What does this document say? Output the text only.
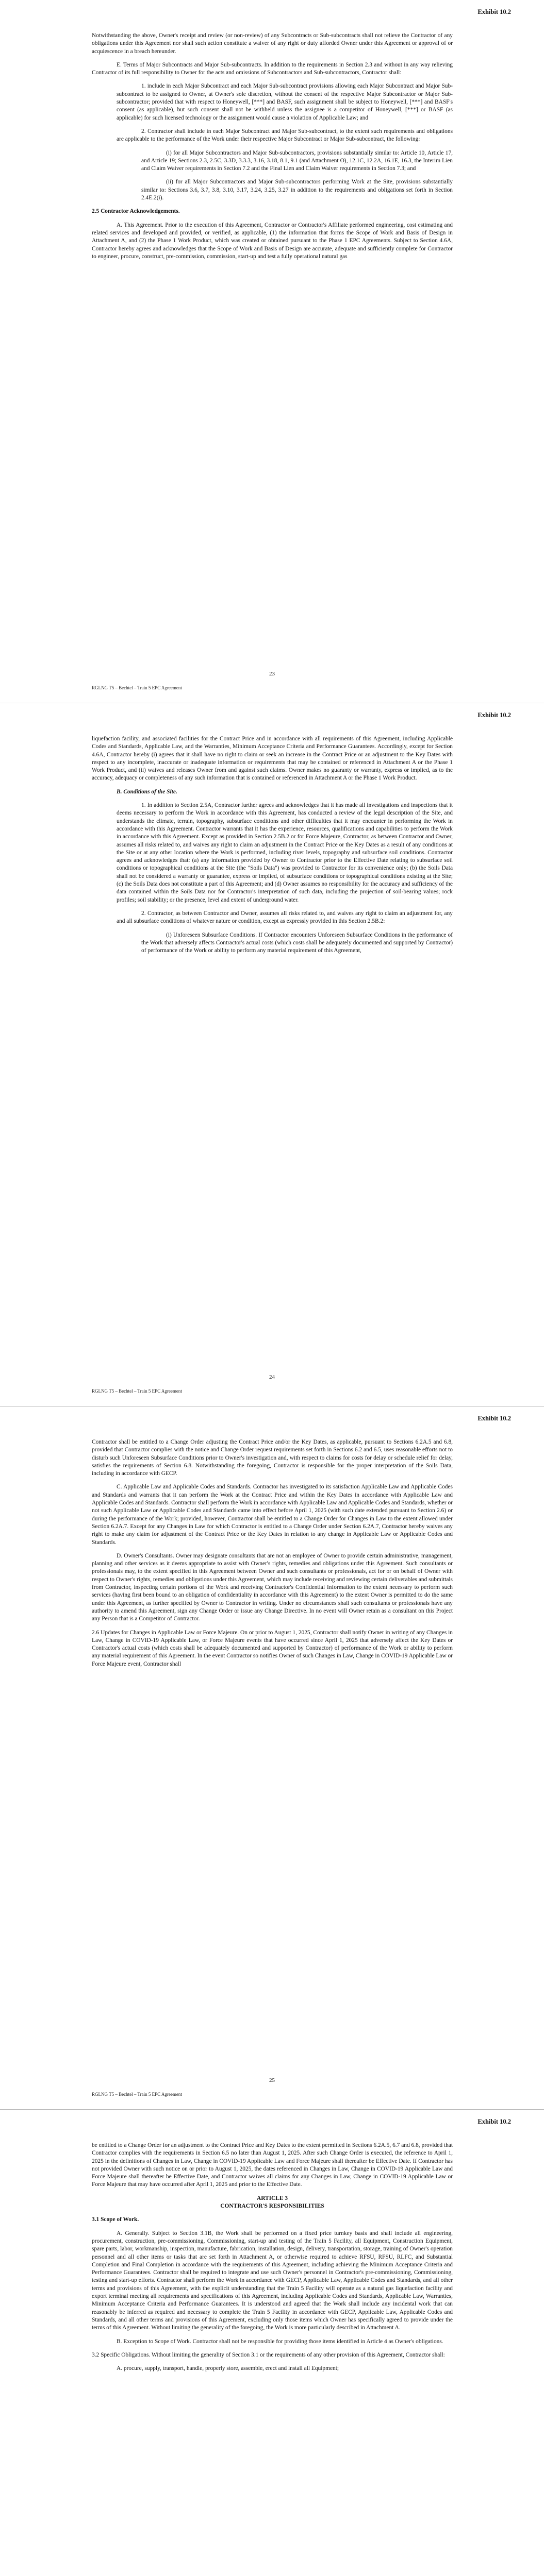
Exhibit 10.2

Notwithstanding the above, Owner's receipt and review (or non-review) of any Subcontracts or Sub-subcontracts shall not relieve the Contractor of any obligations under this Agreement nor shall such action constitute a waiver of any right or duty afforded Owner under this Agreement or approval of or acquiescence in a breach hereunder.

E. Terms of Major Subcontracts and Major Sub-subcontracts. In addition to the requirements in Section 2.3 and without in any way relieving Contractor of its full responsibility to Owner for the acts and omissions of Subcontractors and Sub-subcontractors, Contractor shall:

1. include in each Major Subcontract and each Major Sub-subcontract provisions allowing each Major Subcontract and Major Sub-subcontract to be assigned to Owner, at Owner's sole discretion, without the consent of the respective Major Subcontractor or Major Sub-subcontractor; provided that with respect to Honeywell, [***] and BASF, such assignment shall be subject to Honeywell, [***] and BASF's consent (as applicable), but such consent shall not be withheld unless the assignee is a competitor of Honeywell, [***] or BASF (as applicable) for such licensed technology or the assignment would cause a violation of Applicable Law; and

2. Contractor shall include in each Major Subcontract and Major Sub-subcontract, to the extent such requirements and obligations are applicable to the performance of the Work under their respective Major Subcontract or Major Sub-subcontract, the following:

(i) for all Major Subcontractors and Major Sub-subcontractors, provisions substantially similar to: Article 10, Article 17, and Article 19; Sections 2.3, 2.5C, 3.3D, 3.3.3, 3.16, 3.18, 8.1, 9.1 (and Attachment O), 12.1C, 12.2A, 16.1E, 16.3, the Interim Lien and Claim Waiver requirements in Section 7.2 and the Final Lien and Claim Waiver requirements in Section 7.3; and

(ii) for all Major Subcontractors and Major Sub-subcontractors performing Work at the Site, provisions substantially similar to: Sections 3.6, 3.7, 3.8, 3.10, 3.17, 3.24, 3.25, 3.27 in addition to the requirements and obligations set forth in Section 2.4E.2(i).

2.5 Contractor Acknowledgements.

A. This Agreement. Prior to the execution of this Agreement, Contractor or Contractor's Affiliate performed engineering, cost estimating and related services and developed and provided, or verified, as applicable, (1) the information that forms the Scope of Work and Basis of Design in Attachment A, and (2) the Phase 1 Work Product, which was created or obtained pursuant to the Phase 1 EPC Agreements. Subject to Section 4.6A, Contractor hereby agrees and acknowledges that the Scope of Work and Basis of Design are accurate, adequate and sufficiently complete for Contractor to engineer, procure, construct, pre-commission, commission, start-up and test a fully operational natural gas

23
RGLNG T5 – Bechtel – Train 5 EPC Agreement
Exhibit 10.2

liquefaction facility, and associated facilities for the Contract Price and in accordance with all requirements of this Agreement, including Applicable Codes and Standards, Applicable Law, and the Warranties, Minimum Acceptance Criteria and Performance Guarantees. Accordingly, except for Section 4.6A, Contractor hereby (i) agrees that it shall have no right to claim or seek an increase in the Contract Price or an adjustment to the Key Dates with respect to any incomplete, inaccurate or inadequate information or requirements that may be contained or referenced in Attachment A or the Phase 1 Work Product, and (ii) waives and releases Owner from and against such claims. Owner makes no guaranty or warranty, express or implied, as to the accuracy, adequacy or completeness of any such information that is contained or referenced in Attachment A or the Phase 1 Work Product.

B. Conditions of the Site.

1. In addition to Section 2.5A, Contractor further agrees and acknowledges that it has made all investigations and inspections that it deems necessary to perform the Work in accordance with this Agreement, has conducted a review of the legal description of the Site, and understands the climate, terrain, topography, subsurface conditions and other difficulties that it may encounter in performing the Work in accordance with this Agreement. Contractor warrants that it has the experience, resources, qualifications and capabilities to perform the Work in accordance with this Agreement. Except as provided in Section 2.5B.2 or for Force Majeure, Contractor, as between Contractor and Owner, assumes all risks related to, and waives any right to claim an adjustment in the Contract Price or the Key Dates as a result of any conditions at the Site or at any other location where the Work is performed, including river levels, topography and subsurface soil conditions. Contractor agrees and acknowledges that: (a) any information provided by Owner to Contractor prior to the Effective Date relating to subsurface soil conditions or topographical conditions at the Site (the "Soils Data") was provided to Contractor for its convenience only; (b) the Soils Data shall not be considered a warranty or guarantee, express or implied, of subsurface conditions or topographical conditions existing at the Site; (c) the Soils Data does not constitute a part of this Agreement; and (d) Owner assumes no responsibility for the accuracy and sufficiency of the data contained within the Soils Data nor for Contractor's interpretation of such data, including the projection of soil-bearing values; rock profiles; soil stability; or the presence, level and extent of underground water.

2. Contractor, as between Contractor and Owner, assumes all risks related to, and waives any right to claim an adjustment for, any and all subsurface conditions of whatever nature or condition, except as expressly provided in this Section 2.5B.2:

(i) Unforeseen Subsurface Conditions. If Contractor encounters Unforeseen Subsurface Conditions in the performance of the Work that adversely affects Contractor's actual costs (which costs shall be adequately documented and supported by Contractor) of performance of the Work or ability to perform any material requirement of this Agreement,

24
RGLNG T5 – Bechtel – Train 5 EPC Agreement
Exhibit 10.2

Contractor shall be entitled to a Change Order adjusting the Contract Price and/or the Key Dates, as applicable, pursuant to Sections 6.2A.5 and 6.8, provided that Contractor complies with the notice and Change Order request requirements set forth in Sections 6.2 and 6.5, uses reasonable efforts not to disturb such Unforeseen Subsurface Conditions prior to Owner's investigation and, with respect to claims for costs for delay or schedule relief for delay, satisfies the requirements of Section 6.8. Notwithstanding the foregoing, Contractor is responsible for the proper interpretation of the Soils Data, including in accordance with GECP.

C. Applicable Law and Applicable Codes and Standards. Contractor has investigated to its satisfaction Applicable Law and Applicable Codes and Standards and warrants that it can perform the Work at the Contract Price and within the Key Dates in accordance with Applicable Law and Applicable Codes and Standards. Contractor shall perform the Work in accordance with Applicable Law and Applicable Codes and Standards, whether or not such Applicable Law or Applicable Codes and Standards came into effect before April 1, 2025 (with such date extended pursuant to Section 2.6) or during the performance of the Work; provided, however, Contractor shall be entitled to a Change Order for Changes in Law to the extent allowed under Section 6.2A.7. Except for any Changes in Law for which Contractor is entitled to a Change Order under Section 6.2A.7, Contractor hereby waives any right to make any claim for adjustment of the Contract Price or the Key Dates in relation to any change in Applicable Law or Applicable Codes and Standards.

D. Owner's Consultants. Owner may designate consultants that are not an employee of Owner to provide certain administrative, management, planning and other services as it deems appropriate to assist with Owner's rights, remedies and obligations under this Agreement. Such consultants or professionals may, to the extent specified in this Agreement between Owner and such consultants or professionals, act for or on behalf of Owner with respect to Owner's rights, remedies and obligations under this Agreement, which may include receiving and reviewing certain deliverables and submittals from Contractor, inspecting certain portions of the Work and receiving Contractor's Confidential Information to the extent necessary to perform such services (having first been bound to an obligation of confidentiality in accordance with this Agreement) to the extent Owner is permitted to do the same under this Agreement, as further specified by Owner to Contractor in writing. Under no circumstances shall such consultants or professionals have any authority to amend this Agreement, sign any Change Order or issue any Change Directive. In no event will Owner retain as a consultant on this Project any Person that is a Competitor of Contractor.

2.6 Updates for Changes in Applicable Law or Force Majeure. On or prior to August 1, 2025, Contractor shall notify Owner in writing of any Changes in Law, Change in COVID-19 Applicable Law, or Force Majeure events that have occurred since April 1, 2025 that adversely affect the Key Dates or Contractor's actual costs (which costs shall be adequately documented and supported by Contractor) of performance of the Work or ability to perform any material requirement of this Agreement. In the event Contractor so notifies Owner of such Changes in Law, Change in COVID-19 Applicable Law or Force Majeure event, Contractor shall

25
RGLNG T5 – Bechtel – Train 5 EPC Agreement
Exhibit 10.2

be entitled to a Change Order for an adjustment to the Contract Price and Key Dates to the extent permitted in Sections 6.2A.5, 6.7 and 6.8, provided that Contractor complies with the requirements in Section 6.5 no later than August 1, 2025. After such Change Order is executed, the reference to April 1, 2025 in the definitions of Changes in Law, Change in COVID-19 Applicable Law and Force Majeure shall thereafter be Effective Date. If Contractor has not provided Owner with such notice on or prior to August 1, 2025, the dates referenced in Changes in Law, Change in COVID-19 Applicable Law and Force Majeure shall thereafter be Effective Date, and Contractor waives all claims for any Changes in Law, Change in COVID-19 Applicable Law or Force Majeure that may have occurred after April 1, 2025 and prior to the Effective Date.

ARTICLE 3

CONTRACTOR'S RESPONSIBILITIES

3.1 Scope of Work.

A. Generally. Subject to Section 3.1B, the Work shall be performed on a fixed price turnkey basis and shall include all engineering, procurement, construction, pre-commissioning, Commissioning, start-up and testing of the Train 5 Facility, all Equipment, Construction Equipment, spare parts, labor, workmanship, inspection, manufacture, fabrication, installation, design, delivery, transportation, storage, training of Owner's operation personnel and all other items or tasks that are set forth in Attachment A, or otherwise required to achieve RFSU, RFSU, RLFC, and Substantial Completion and Final Completion in accordance with the requirements of this Agreement, including achieving the Minimum Acceptance Criteria and Performance Guarantees. Contractor shall be required to integrate and use such Owner's personnel in Contractor's pre-commissioning, Commissioning, testing and start-up efforts. Contractor shall perform the Work in accordance with GECP, Applicable Law, Applicable Codes and Standards, and all other terms and provisions of this Agreement, with the explicit understanding that the Train 5 Facility will operate as a natural gas liquefaction facility and export terminal meeting all requirements and specifications of this Agreement, including Applicable Codes and Standards, Applicable Law, Warranties, Minimum Acceptance Criteria and Performance Guarantees. It is understood and agreed that the Work shall include any incidental work that can reasonably be inferred as required and necessary to complete the Train 5 Facility in accordance with GECP, Applicable Law, Applicable Codes and Standards, and all other terms and provisions of this Agreement, excluding only those items which Owner has specifically agreed to provide under the terms of this Agreement. Without limiting the generality of the foregoing, the Work is more particularly described in Attachment A.

B. Exception to Scope of Work. Contractor shall not be responsible for providing those items identified in Article 4 as Owner's obligations.

3.2 Specific Obligations. Without limiting the generality of Section 3.1 or the requirements of any other provision of this Agreement, Contractor shall:

A. procure, supply, transport, handle, properly store, assemble, erect and install all Equipment;
